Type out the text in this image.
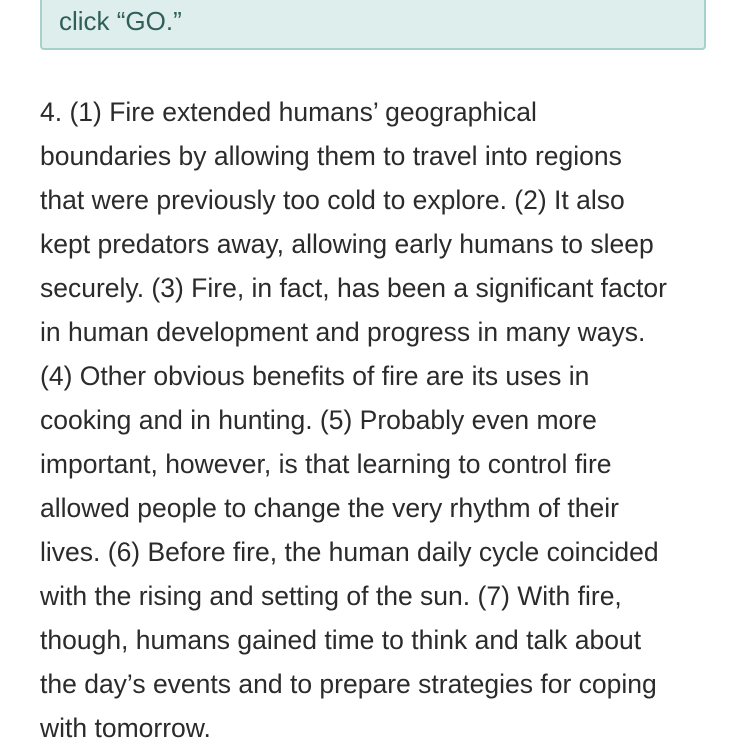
click “GO.”

4. (1) Fire extended humans’ geographical
boundaries by allowing them to travel into regions
that were previously too cold to explore. (2) It also
kept predators away, allowing early humans to sleep
securely. (3) Fire, in fact, has been a significant factor
in human development and progress in many ways.
(4) Other obvious benefits of fire are its uses in
cooking and in hunting. (5) Probably even more
important, however, is that learning to control fire
allowed people to change the very rhythm of their
lives. (6) Before fire, the human daily cycle coincided
with the rising and setting of the sun. (7) With fire,
though, humans gained time to think and talk about
the day’s events and to prepare strategies for coping
with tomorrow.
